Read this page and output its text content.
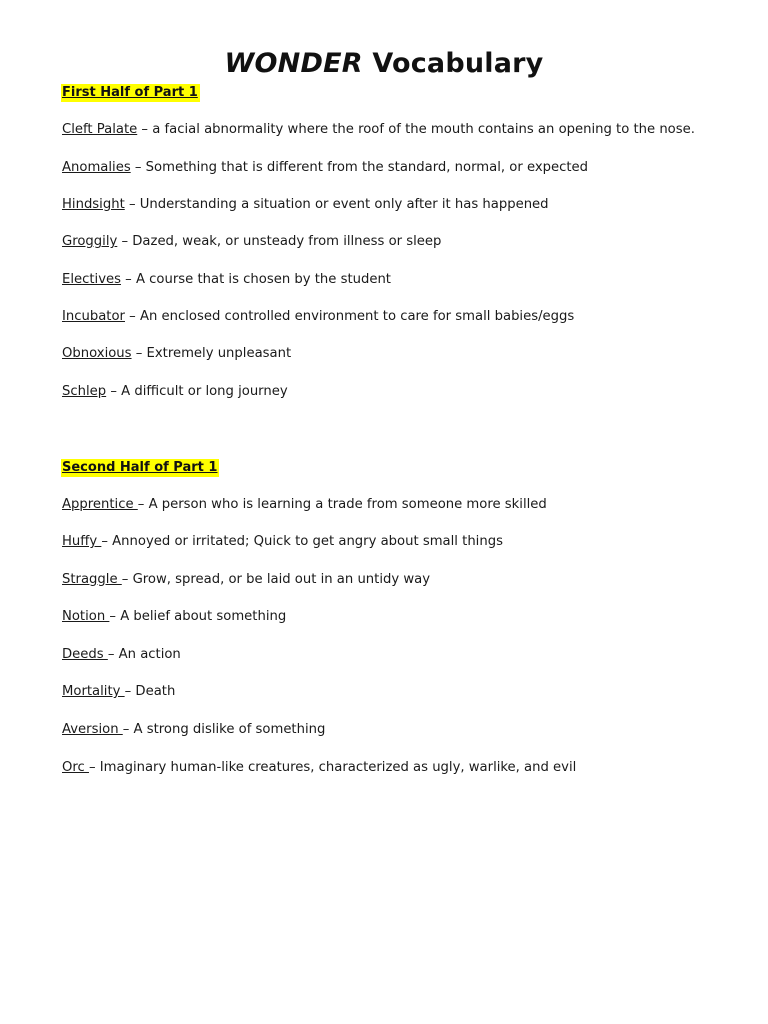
WONDER Vocabulary
First Half of Part 1
Cleft Palate – a facial abnormality where the roof of the mouth contains an opening to the nose.
Anomalies – Something that is different from the standard, normal, or expected
Hindsight – Understanding a situation or event only after it has happened
Groggily – Dazed, weak, or unsteady from illness or sleep
Electives – A course that is chosen by the student
Incubator – An enclosed controlled environment to care for small babies/eggs
Obnoxious – Extremely unpleasant
Schlep – A difficult or long journey
Second Half of Part 1
Apprentice – A person who is learning a trade from someone more skilled
Huffy – Annoyed or irritated; Quick to get angry about small things
Straggle – Grow, spread, or be laid out in an untidy way
Notion – A belief about something
Deeds – An action
Mortality – Death
Aversion – A strong dislike of something
Orc – Imaginary human-like creatures, characterized as ugly, warlike, and evil
